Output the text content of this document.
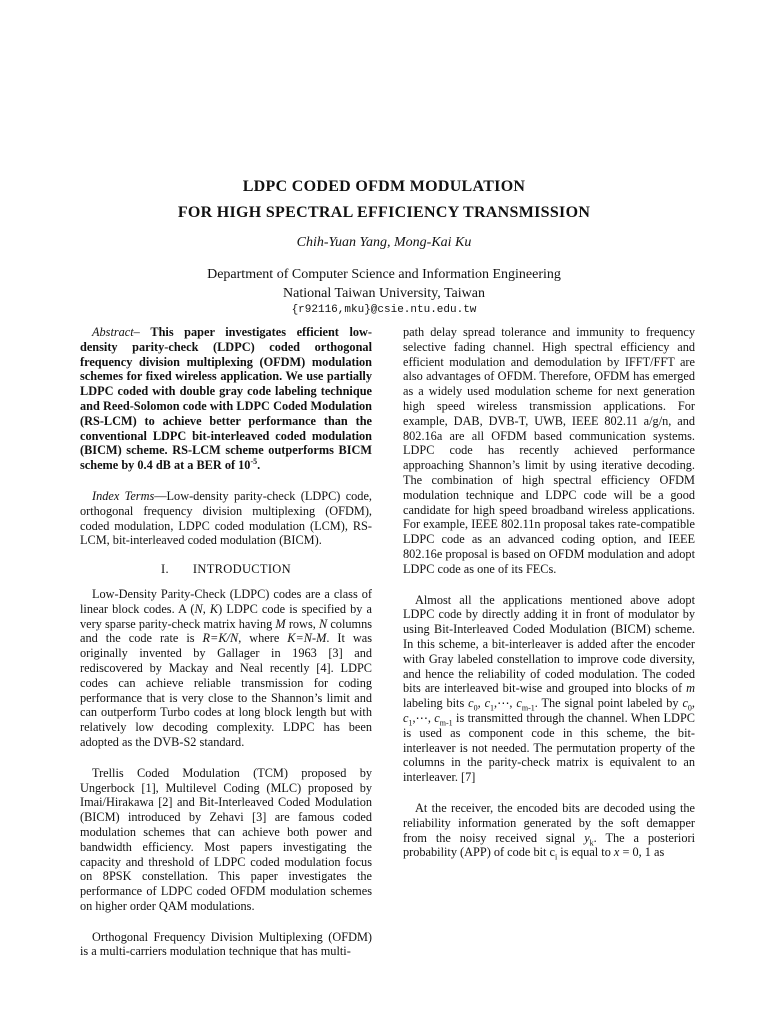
LDPC CODED OFDM MODULATION
FOR HIGH SPECTRAL EFFICIENCY TRANSMISSION
Chih-Yuan Yang, Mong-Kai Ku
Department of Computer Science and Information Engineering
National Taiwan University, Taiwan
{r92116,mku}@csie.ntu.edu.tw

Abstract– This paper investigates efficient low-density parity-check (LDPC) coded orthogonal frequency division multiplexing (OFDM) modulation schemes for fixed wireless application. We use partially LDPC coded with double gray code labeling technique and Reed-Solomon code with LDPC Coded Modulation (RS-LCM) to achieve better performance than the conventional LDPC bit-interleaved coded modulation (BICM) scheme. RS-LCM scheme outperforms BICM scheme by 0.4 dB at a BER of $10^{-5}$.

Index Terms—Low-density parity-check (LDPC) code, orthogonal frequency division multiplexing (OFDM), coded modulation, LDPC coded modulation (LCM), RS-LCM, bit-interleaved coded modulation (BICM).

I. INTRODUCTION

Low-Density Parity-Check (LDPC) codes are a class of linear block codes. A (N, K) LDPC code is specified by a very sparse parity-check matrix having M rows, N columns and the code rate is R=K/N, where K=N-M. It was originally invented by Gallager in 1963 [3] and rediscovered by Mackay and Neal recently [4]. LDPC codes can achieve reliable transmission for coding performance that is very close to the Shannon’s limit and can outperform Turbo codes at long block length but with relatively low decoding complexity. LDPC has been adopted as the DVB-S2 standard.

Trellis Coded Modulation (TCM) proposed by Ungerbock [1], Multilevel Coding (MLC) proposed by Imai/Hirakawa [2] and Bit-Interleaved Coded Modulation (BICM) introduced by Zehavi [3] are famous coded modulation schemes that can achieve both power and bandwidth efficiency. Most papers investigating the capacity and threshold of LDPC coded modulation focus on 8PSK constellation. This paper investigates the performance of LDPC coded OFDM modulation schemes on higher order QAM modulations.

Orthogonal Frequency Division Multiplexing (OFDM) is a multi-carriers modulation technique that has multi-

path delay spread tolerance and immunity to frequency selective fading channel. High spectral efficiency and efficient modulation and demodulation by IFFT/FFT are also advantages of OFDM. Therefore, OFDM has emerged as a widely used modulation scheme for next generation high speed wireless transmission applications. For example, DAB, DVB-T, UWB, IEEE 802.11 a/g/n, and 802.16a are all OFDM based communication systems. LDPC code has recently achieved performance approaching Shannon’s limit by using iterative decoding. The combination of high spectral efficiency OFDM modulation technique and LDPC code will be a good candidate for high speed broadband wireless applications. For example, IEEE 802.11n proposal takes rate-compatible LDPC code as an advanced coding option, and IEEE 802.16e proposal is based on OFDM modulation and adopt LDPC code as one of its FECs.

Almost all the applications mentioned above adopt LDPC code by directly adding it in front of modulator by using Bit-Interleaved Coded Modulation (BICM) scheme. In this scheme, a bit-interleaver is added after the encoder with Gray labeled constellation to improve code diversity, and hence the reliability of coded modulation. The coded bits are interleaved bit-wise and grouped into blocks of m labeling bits $c_0$, $c_1,\cdots$, $c_{m-1}$. The signal point labeled by $c_0$, $c_1,\cdots$, $c_{m-1}$ is transmitted through the channel. When LDPC is used as component code in this scheme, the bit-interleaver is not needed. The permutation property of the columns in the parity-check matrix is equivalent to an interleaver. [7]

At the receiver, the encoded bits are decoded using the reliability information generated by the soft demapper from the noisy received signal $y_k$. The a posteriori probability (APP) of code bit $c_i$ is equal to x = 0, 1 as
